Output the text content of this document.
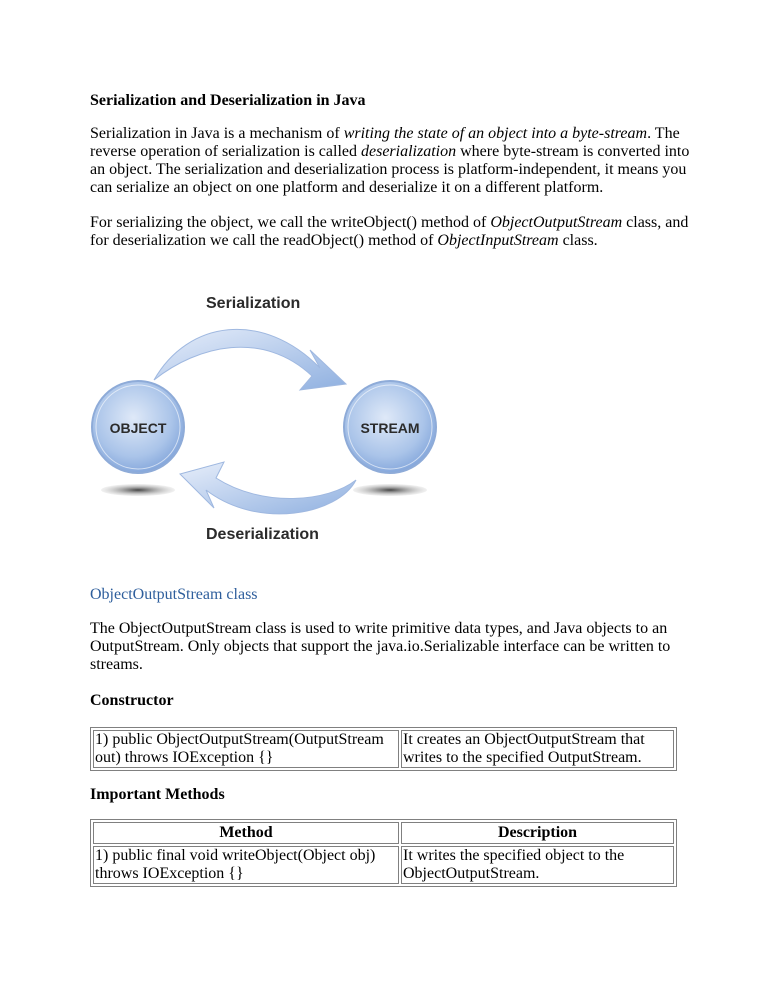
Serialization and Deserialization in Java

Serialization in Java is a mechanism of writing the state of an object into a byte-stream. The reverse operation of serialization is called deserialization where byte-stream is converted into an object. The serialization and deserialization process is platform-independent, it means you can serialize an object on one platform and deserialize it on a different platform.

For serializing the object, we call the writeObject() method of ObjectOutputStream class, and for deserialization we call the readObject() method of ObjectInputStream class.

Serialization
Deserialization
OBJECT	STREAM
ObjectOutputStream class

The ObjectOutputStream class is used to write primitive data types, and Java objects to an OutputStream. Only objects that support the java.io.Serializable interface can be written to streams.

Constructor
1) public ObjectOutputStream(OutputStream out) throws IOException {}	It creates an ObjectOutputStream that writes to the specified OutputStream.
Important Methods
Method	Description
1) public final void writeObject(Object obj) throws IOException {}	It writes the specified object to the ObjectOutputStream.
